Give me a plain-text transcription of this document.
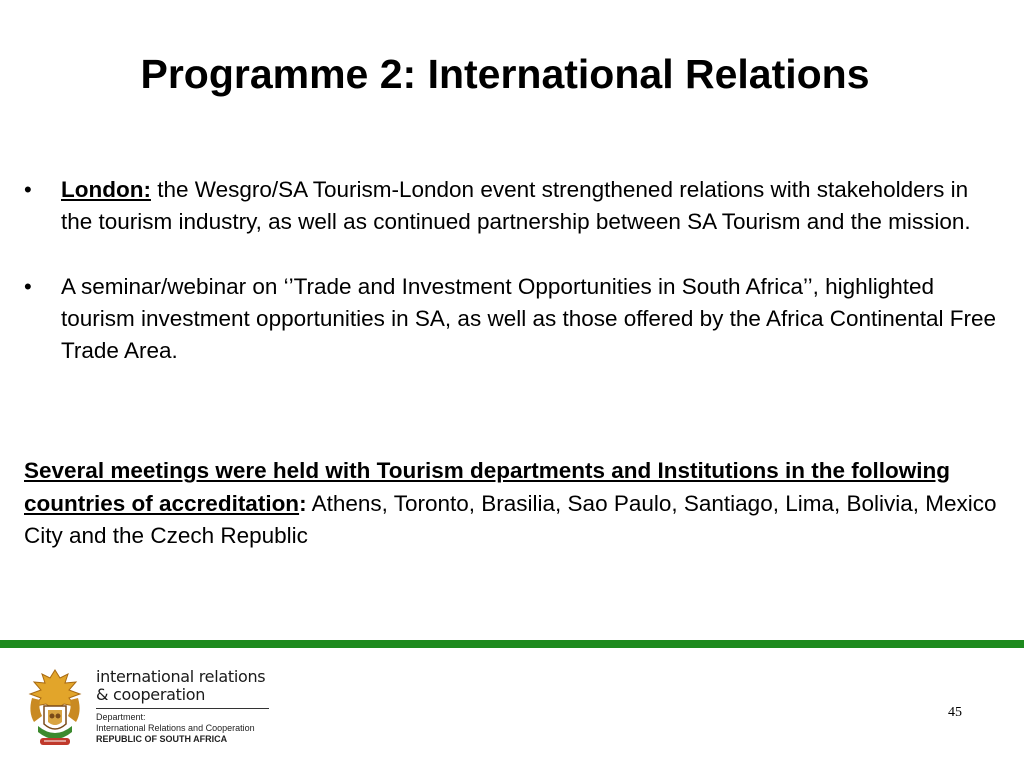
Programme 2: International Relations
• London: the Wesgro/SA Tourism-London event strengthened relations with stakeholders in the tourism industry, as well as continued partnership between SA Tourism and the mission.
• A seminar/webinar on ‘’Trade and Investment Opportunities in South Africa’’, highlighted tourism investment opportunities in SA, as well as those offered by the Africa Continental Free Trade Area.

Several meetings were held with Tourism departments and Institutions in the following countries of accreditation: Athens, Toronto, Brasilia, Sao Paulo, Santiago, Lima, Bolivia, Mexico City and the Czech Republic

international relations
& cooperation
Department:
International Relations and Cooperation
REPUBLIC OF SOUTH AFRICA
45
